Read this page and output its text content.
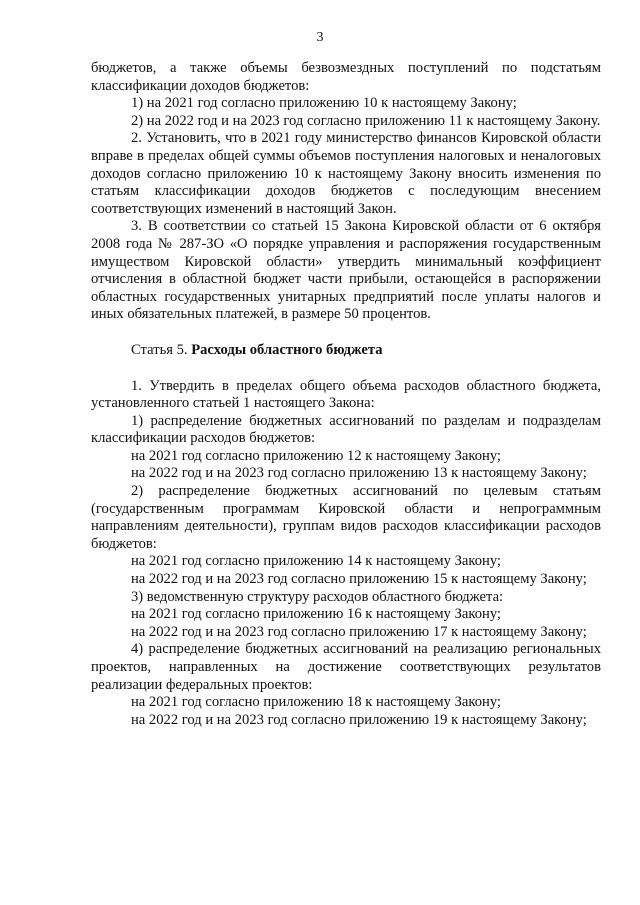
3

бюджетов, а также объемы безвозмездных поступлений по подстатьям классификации доходов бюджетов:

1) на 2021 год согласно приложению 10 к настоящему Закону;

2) на 2022 год и на 2023 год согласно приложению 11 к настоящему Закону.

2. Установить, что в 2021 году министерство финансов Кировской области вправе в пределах общей суммы объемов поступления налоговых и неналоговых доходов согласно приложению 10 к настоящему Закону вносить изменения по статьям классификации доходов бюджетов с последующим внесением соответствующих изменений в настоящий Закон.

3. В соответствии со статьей 15 Закона Кировской области от 6 октября 2008 года № 287-ЗО «О порядке управления и распоряжения государственным имуществом Кировской области» утвердить минимальный коэффициент отчисления в областной бюджет части прибыли, остающейся в распоряжении областных государственных унитарных предприятий после уплаты налогов и иных обязательных платежей, в размере 50 процентов.

Статья 5. Расходы областного бюджета

1. Утвердить в пределах общего объема расходов областного бюджета, установленного статьей 1 настоящего Закона:

1) распределение бюджетных ассигнований по разделам и подразделам классификации расходов бюджетов:

на 2021 год согласно приложению 12 к настоящему Закону;

на 2022 год и на 2023 год согласно приложению 13 к настоящему Закону;

2) распределение бюджетных ассигнований по целевым статьям (государственным программам Кировской области и непрограммным направлениям деятельности), группам видов расходов классификации расходов бюджетов:

на 2021 год согласно приложению 14 к настоящему Закону;

на 2022 год и на 2023 год согласно приложению 15 к настоящему Закону;

3) ведомственную структуру расходов областного бюджета:

на 2021 год согласно приложению 16 к настоящему Закону;

на 2022 год и на 2023 год согласно приложению 17 к настоящему Закону;

4) распределение бюджетных ассигнований на реализацию региональных проектов, направленных на достижение соответствующих результатов реализации федеральных проектов:

на 2021 год согласно приложению 18 к настоящему Закону;

на 2022 год и на 2023 год согласно приложению 19 к настоящему Закону;
